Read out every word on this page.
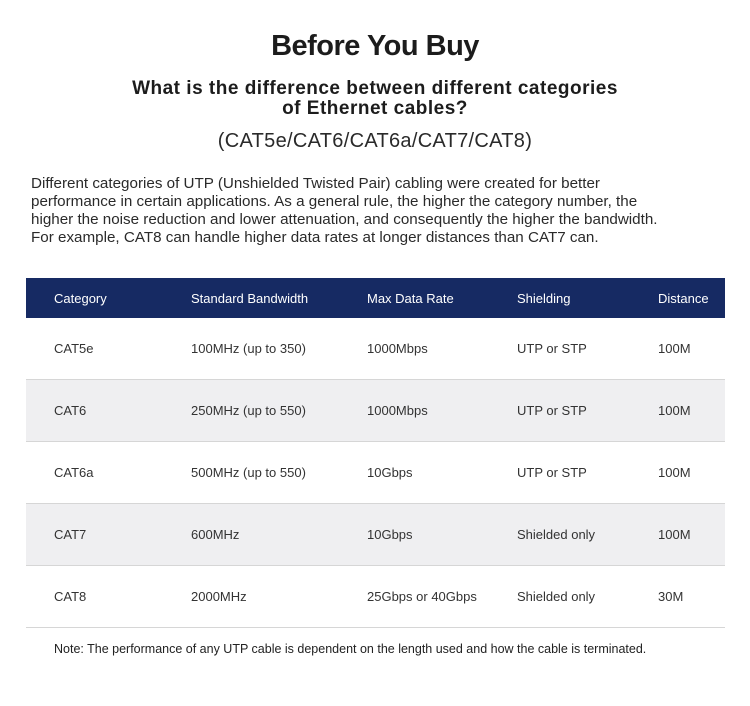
Before You Buy
What is the difference between different categories
of Ethernet cables?
(CAT5e/CAT6/CAT6a/CAT7/CAT8)

Different categories of UTP (Unshielded Twisted Pair) cabling were created for better
performance in certain applications. As a general rule, the higher the category number, the
higher the noise reduction and lower attenuation, and consequently the higher the bandwidth.
For example, CAT8 can handle higher data rates at longer distances than CAT7 can.

Category	Standard Bandwidth	Max Data Rate	Shielding	Distance
CAT5e	100MHz (up to 350)	1000Mbps	UTP or STP	100M
CAT6	250MHz (up to 550)	1000Mbps	UTP or STP	100M
CAT6a	500MHz (up to 550)	10Gbps	UTP or STP	100M
CAT7	600MHz	10Gbps	Shielded only	100M
CAT8	2000MHz	25Gbps or 40Gbps	Shielded only	30M

Note: The performance of any UTP cable is dependent on the length used and how the cable is terminated.
